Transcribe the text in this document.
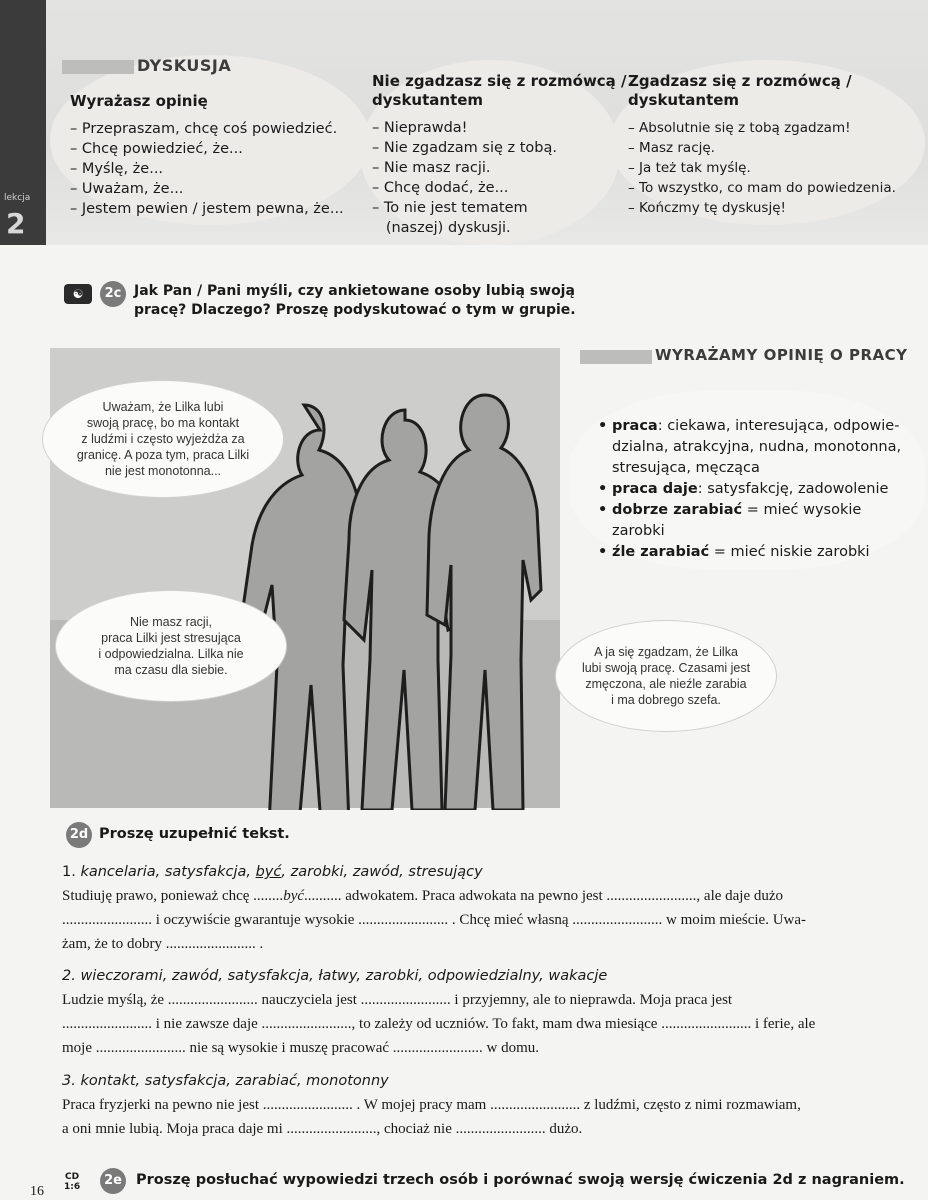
lekcja
2
DYSKUSJA
Wyrażasz opinię
– Przepraszam, chcę coś powiedzieć.
– Chcę powiedzieć, że...
– Myślę, że...
– Uważam, że...
– Jestem pewien / jestem pewna, że...
Nie zgadzasz się z rozmówcą /
dyskutantem
– Nieprawda!
– Nie zgadzam się z tobą.
– Nie masz racji.
– Chcę dodać, że...
– To nie jest tematem
(naszej) dyskusji.
Zgadzasz się z rozmówcą /
dyskutantem
– Absolutnie się z tobą zgadzam!
– Masz rację.
– Ja też tak myślę.
– To wszystko, co mam do powiedzenia.
– Kończmy tę dyskusję!
☯	2c Jak Pan / Pani myśli, czy ankietowane osoby lubią swoją
pracę? Dlaczego? Proszę podyskutować o tym w grupie.
Uważam, że Lilka lubi
swoją pracę, bo ma kontakt
z ludźmi i często wyjeżdża za
granicę. A poza tym, praca Lilki
nie jest monotonna...
Nie masz racji,
praca Lilki jest stresująca
i odpowiedzialna. Lilka nie
ma czasu dla siebie.
A ja się zgadzam, że Lilka
lubi swoją pracę. Czasami jest
zmęczona, ale nieźle zarabia
i ma dobrego szefa.
WYRAŻAMY OPINIĘ O PRACY
• praca: ciekawa, interesująca, odpowie-
dzialna, atrakcyjna, nudna, monotonna,
stresująca, męcząca
• praca daje: satysfakcję, zadowolenie
• dobrze zarabiać = mieć wysokie zarobki
• źle zarabiać = mieć niskie zarobki
2d Proszę uzupełnić tekst.
1. kancelaria, satysfakcja, być, zarobki, zawód, stresujący
Studiuję prawo, ponieważ chcę ........być.......... adwokatem. Praca adwokata na pewno jest ........................, ale daje dużo
........................ i oczywiście gwarantuje wysokie ........................ . Chcę mieć własną ........................ w moim mieście. Uwa-
żam, że to dobry ........................ .
2. wieczorami, zawód, satysfakcja, łatwy, zarobki, odpowiedzialny, wakacje
Ludzie myślą, że ........................ nauczyciela jest ........................ i przyjemny, ale to nieprawda. Moja praca jest
........................ i nie zawsze daje ........................, to zależy od uczniów. To fakt, mam dwa miesiące ........................ i ferie, ale
moje ........................ nie są wysokie i muszę pracować ........................ w domu.
3. kontakt, satysfakcja, zarabiać, monotonny
Praca fryzjerki na pewno nie jest ........................ . W mojej pracy mam ........................ z ludźmi, często z nimi rozmawiam,
a oni mnie lubią. Moja praca daje mi ........................, chociaż nie ........................ dużo.
CD
1:6	2e Proszę posłuchać wypowiedzi trzech osób i porównać swoją wersję ćwiczenia 2d z nagraniem.
16
